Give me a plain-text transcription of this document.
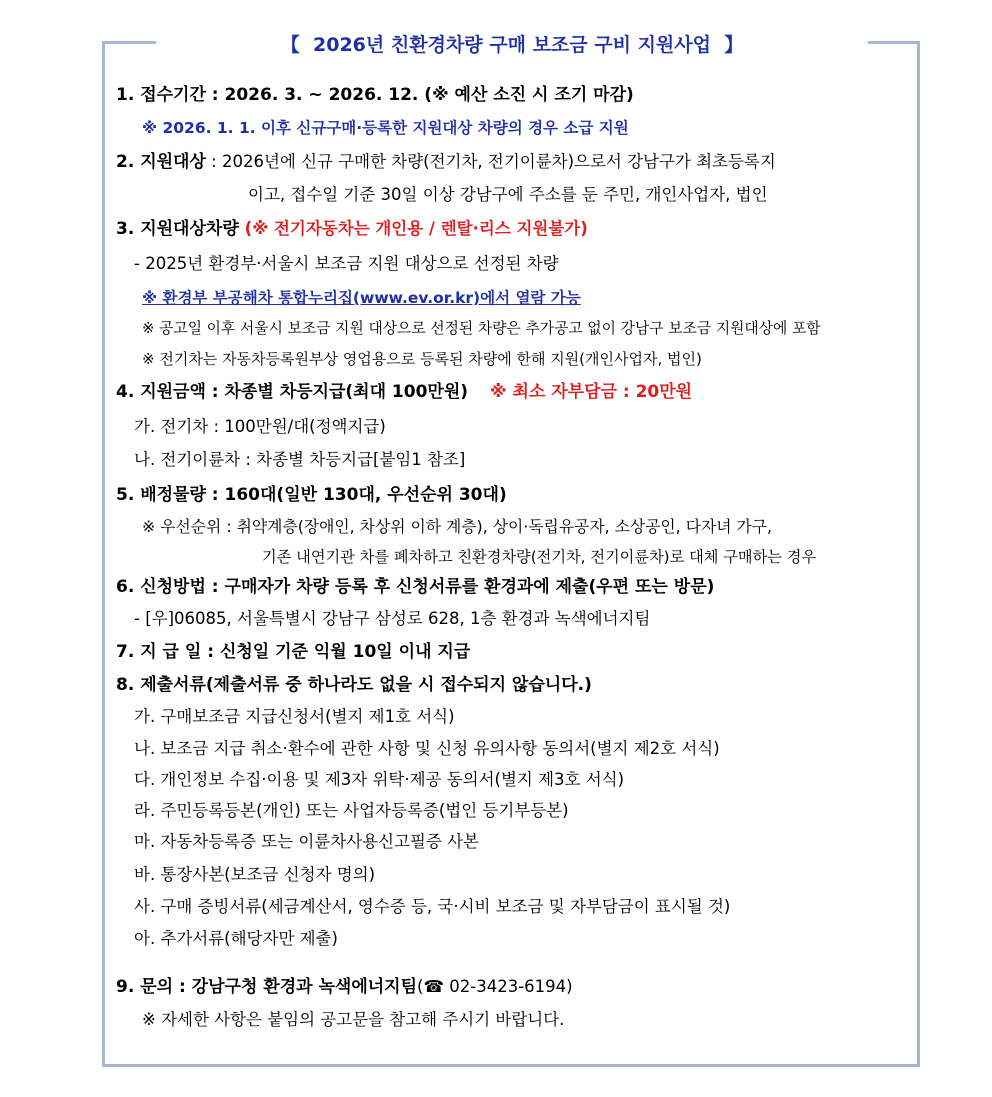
【  2026년 친환경차량 구매 보조금 구비 지원사업  】
1. 접수기간 : 2026. 3. ~ 2026. 12. (※ 예산 소진 시 조기 마감)
※ 2026. 1. 1. 이후 신규구매·등록한 지원대상 차량의 경우 소급 지원
2. 지원대상 : 2026년에 신규 구매한 차량(전기차, 전기이륜차)으로서 강남구가 최초등록지
이고, 접수일 기준 30일 이상 강남구에 주소를 둔 주민, 개인사업자, 법인
3. 지원대상차량 (※ 전기자동차는 개인용 / 렌탈·리스 지원불가)
- 2025년 환경부·서울시 보조금 지원 대상으로 선정된 차량
※ 환경부 부공해차 통합누리집(www.ev.or.kr)에서 열람 가능
※ 공고일 이후 서울시 보조금 지원 대상으로 선정된 차량은 추가공고 없이 강남구 보조금 지원대상에 포함
※ 전기차는 자동차등록원부상 영업용으로 등록된 차량에 한해 지원(개인사업자, 법인)
4. 지원금액 : 차종별 차등지급(최대 100만원) ※ 최소 자부담금 : 20만원
가. 전기차 : 100만원/대(정액지급)
나. 전기이륜차 : 차종별 차등지급[붙임1 참조]
5. 배정물량 : 160대(일반 130대, 우선순위 30대)
※ 우선순위 : 취약계층(장애인, 차상위 이하 계층), 상이·독립유공자, 소상공인, 다자녀 가구,
기존 내연기관 차를 폐차하고 친환경차량(전기차, 전기이륜차)로 대체 구매하는 경우
6. 신청방법 : 구매자가 차량 등록 후 신청서류를 환경과에 제출(우편 또는 방문)
- [우]06085, 서울특별시 강남구 삼성로 628, 1층 환경과 녹색에너지팀
7. 지 급 일 : 신청일 기준 익월 10일 이내 지급
8. 제출서류(제출서류 중 하나라도 없을 시 접수되지 않습니다.)
가. 구매보조금 지급신청서(별지 제1호 서식)
나. 보조금 지급 취소·환수에 관한 사항 및 신청 유의사항 동의서(별지 제2호 서식)
다. 개인정보 수집·이용 및 제3자 위탁·제공 동의서(별지 제3호 서식)
라. 주민등록등본(개인) 또는 사업자등록증(법인 등기부등본)
마. 자동차등록증 또는 이륜차사용신고필증 사본
바. 통장사본(보조금 신청자 명의)
사. 구매 증빙서류(세금계산서, 영수증 등, 국·시비 보조금 및 자부담금이 표시될 것)
아. 추가서류(해당자만 제출)
9. 문의 : 강남구청 환경과 녹색에너지팀(☎ 02-3423-6194)
※ 자세한 사항은 붙임의 공고문을 참고해 주시기 바랍니다.
